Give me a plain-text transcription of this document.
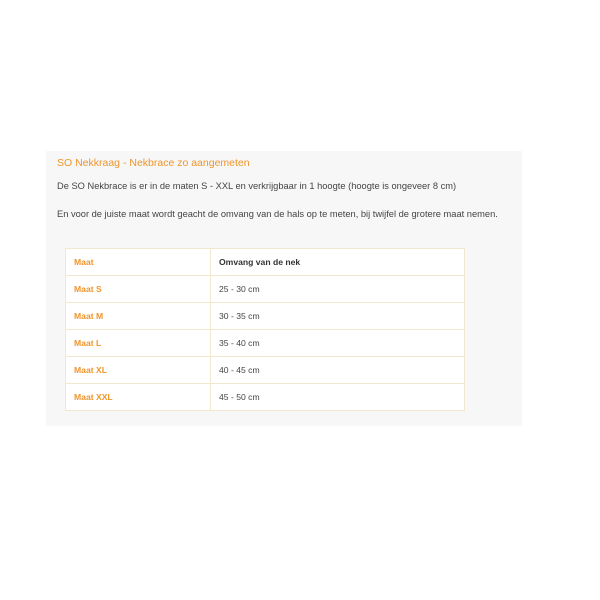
SO Nekkraag - Nekbrace zo aangemeten

De SO Nekbrace is er in de maten S - XXL en verkrijgbaar in 1 hoogte (hoogte is ongeveer 8 cm)

En voor de juiste maat wordt geacht de omvang van de hals op te meten, bij twijfel de grotere maat nemen.

Maat	Omvang van de nek
Maat S	25 - 30 cm
Maat M	30 - 35 cm
Maat L	35 - 40 cm
Maat XL	40 - 45 cm
Maat XXL	45 - 50 cm
